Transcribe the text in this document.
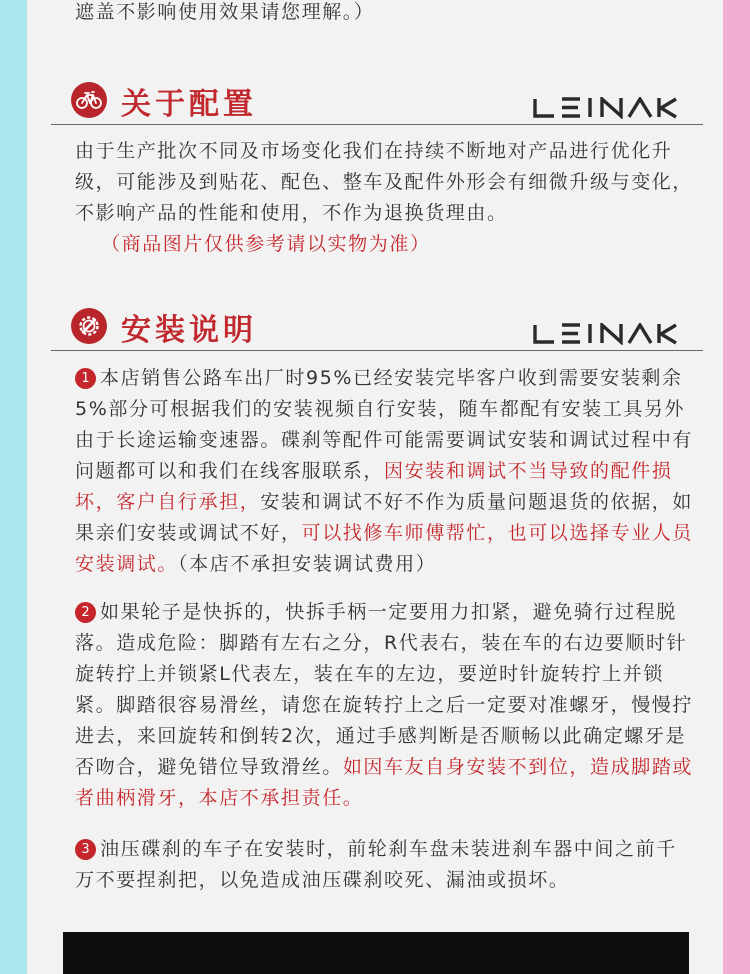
遮盖不影响使用效果请您理解。）
关于配置
由于生产批次不同及市场变化我们在持续不断地对产品进行优化升级，可能涉及到贴花、配色、整车及配件外形会有细微升级与变化，不影响产品的性能和使用，不作为退换货理由。
（商品图片仅供参考请以实物为准）
安装说明
1 本店销售公路车出厂时95%已经安装完毕客户收到需要安装剩余5%部分可根据我们的安装视频自行安装，随车都配有安装工具另外由于长途运输变速器。碟刹等配件可能需要调试安装和调试过程中有问题都可以和我们在线客服联系，因安装和调试不当导致的配件损坏，客户自行承担，安装和调试不好不作为质量问题退货的依据，如果亲们安装或调试不好，可以找修车师傅帮忙，也可以选择专业人员安装调试。（本店不承担安装调试费用）
2 如果轮子是快拆的，快拆手柄一定要用力扣紧，避免骑行过程脱落。造成危险：脚踏有左右之分，R代表右，装在车的右边要顺时针旋转拧上并锁紧L代表左，装在车的左边，要逆时针旋转拧上并锁紧。脚踏很容易滑丝，请您在旋转拧上之后一定要对准螺牙，慢慢拧进去，来回旋转和倒转2次，通过手感判断是否顺畅以此确定螺牙是否吻合，避免错位导致滑丝。如因车友自身安装不到位，造成脚踏或者曲柄滑牙，本店不承担责任。
3 油压碟刹的车子在安装时，前轮刹车盘未装进刹车器中间之前千万不要捏刹把，以免造成油压碟刹咬死、漏油或损坏。
